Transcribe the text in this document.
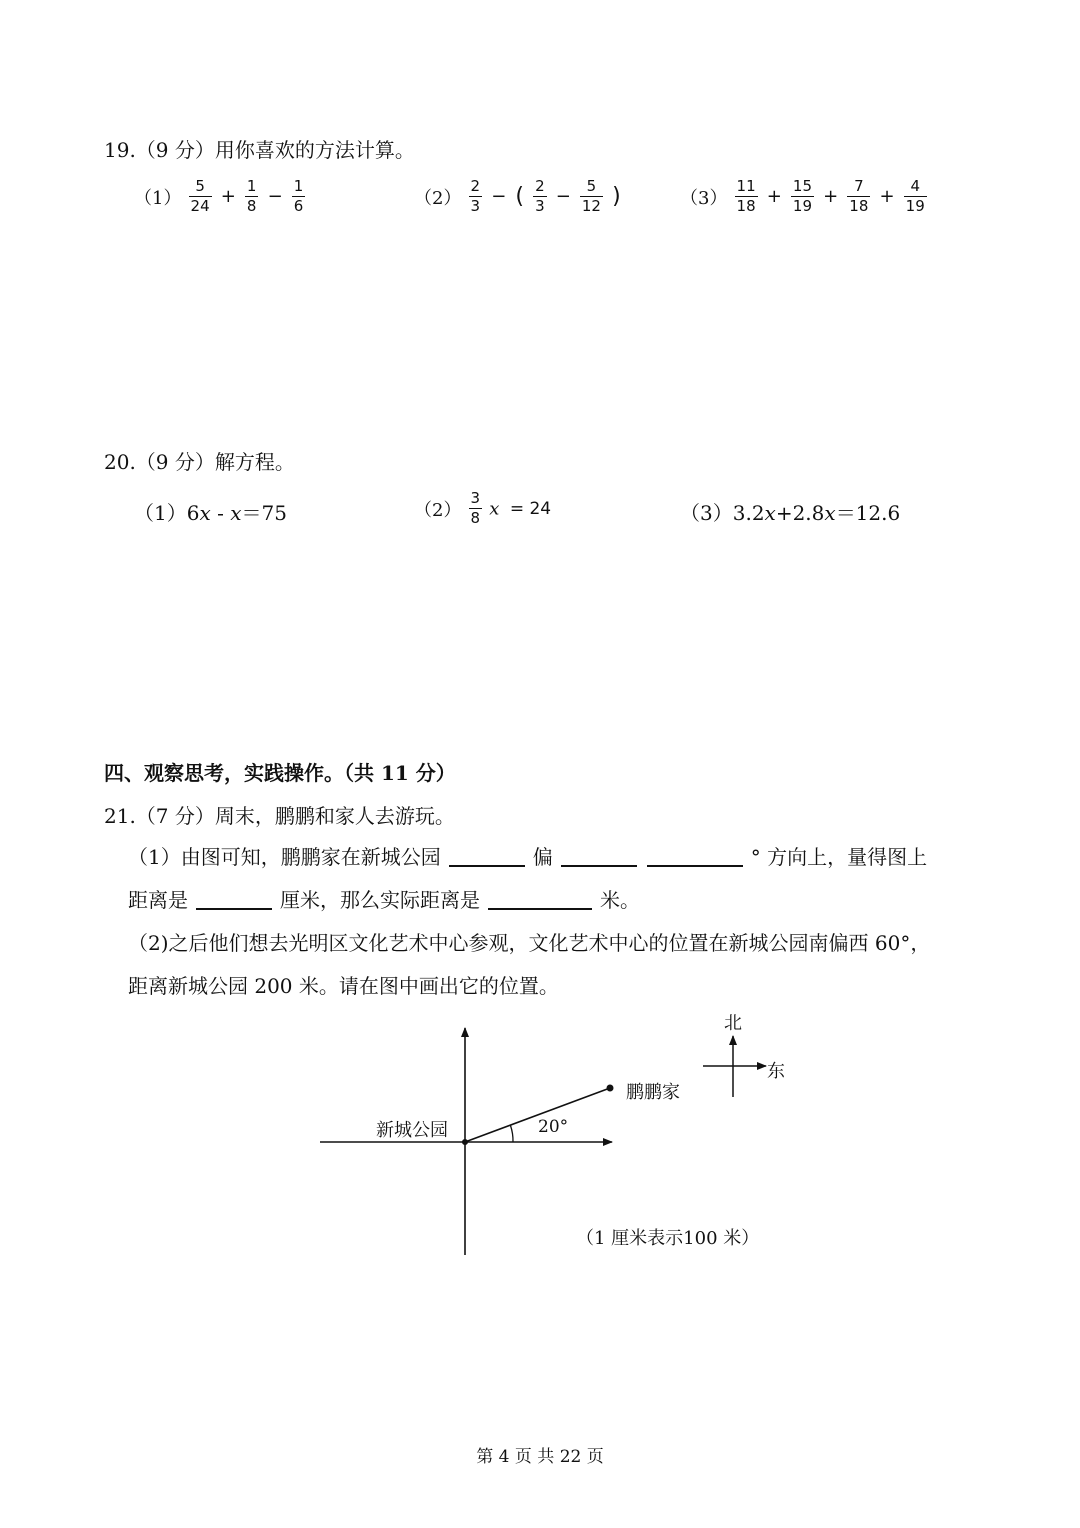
19.（9 分）用你喜欢的方法计算。
$(1) \frac{5}{24} + \frac{1}{8} - \frac{1}{6}$	$(2) \frac{2}{3}$ − ( $\frac{2}{3} - \frac{5}{12}$ )	$(3) \frac{11}{18} + \frac{15}{19} + \frac{7}{18} + \frac{4}{19}$
20.（9 分）解方程。
（1）6x - x＝75	$(2) \frac{3}{8}$ x  = 24	（3）3.2x+2.8x＝12.6
四、观察思考，实践操作。（共 11 分）
21.（7 分）周末，鹏鹏和家人去游玩。
（1）由图可知，鹏鹏家在新城公园	偏	° 方向上，量得图上
距离是	厘米，那么实际距离是	米。
（2)之后他们想去光明区文化艺术中心参观，文化艺术中心的位置在新城公园南偏西 60°，
距离新城公园 200 米。请在图中画出它的位置。
新城公园
鹏鹏家
20°
北
东
（1 厘米表示100 米）
第 4 页 共 22 页
